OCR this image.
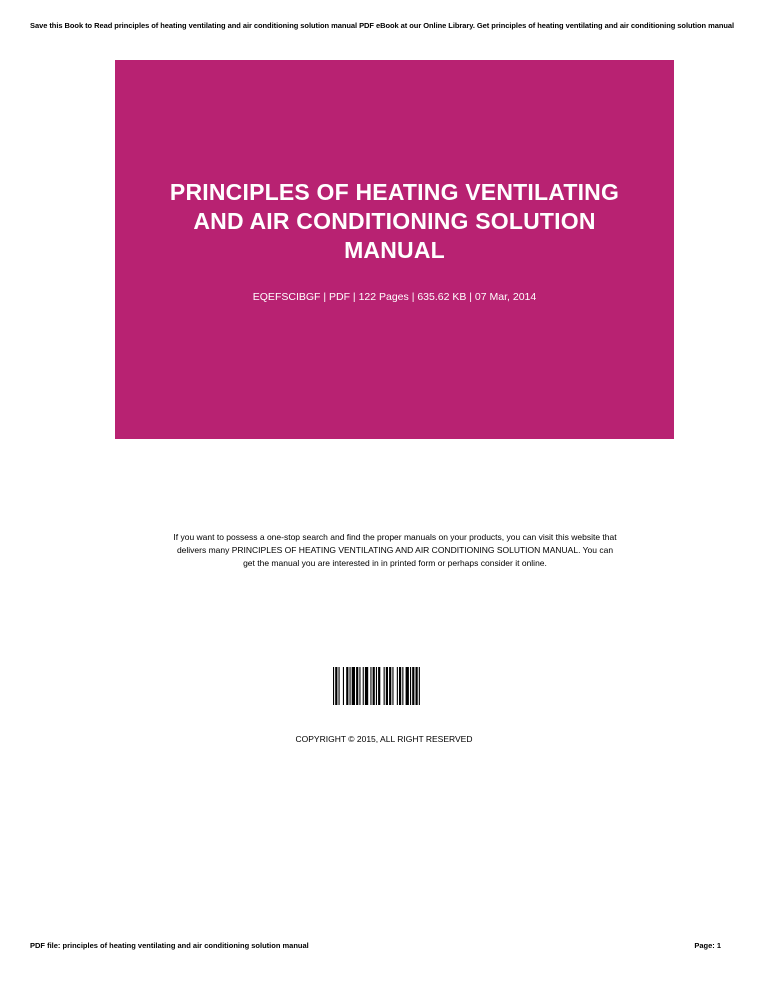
Save this Book to Read principles of heating ventilating and air conditioning solution manual PDF eBook at our Online Library. Get principles of heating ventilating and air conditioning solution manual
PRINCIPLES OF HEATING VENTILATING
AND AIR CONDITIONING SOLUTION
MANUAL
EQEFSCIBGF | PDF | 122 Pages | 635.62 KB | 07 Mar, 2014
If you want to possess a one-stop search and find the proper manuals on your products, you can visit this website that
delivers many PRINCIPLES OF HEATING VENTILATING AND AIR CONDITIONING SOLUTION MANUAL. You can
get the manual you are interested in in printed form or perhaps consider it online.
COPYRIGHT © 2015, ALL RIGHT RESERVED
PDF file: principles of heating ventilating and air conditioning solution manual	Page: 1
